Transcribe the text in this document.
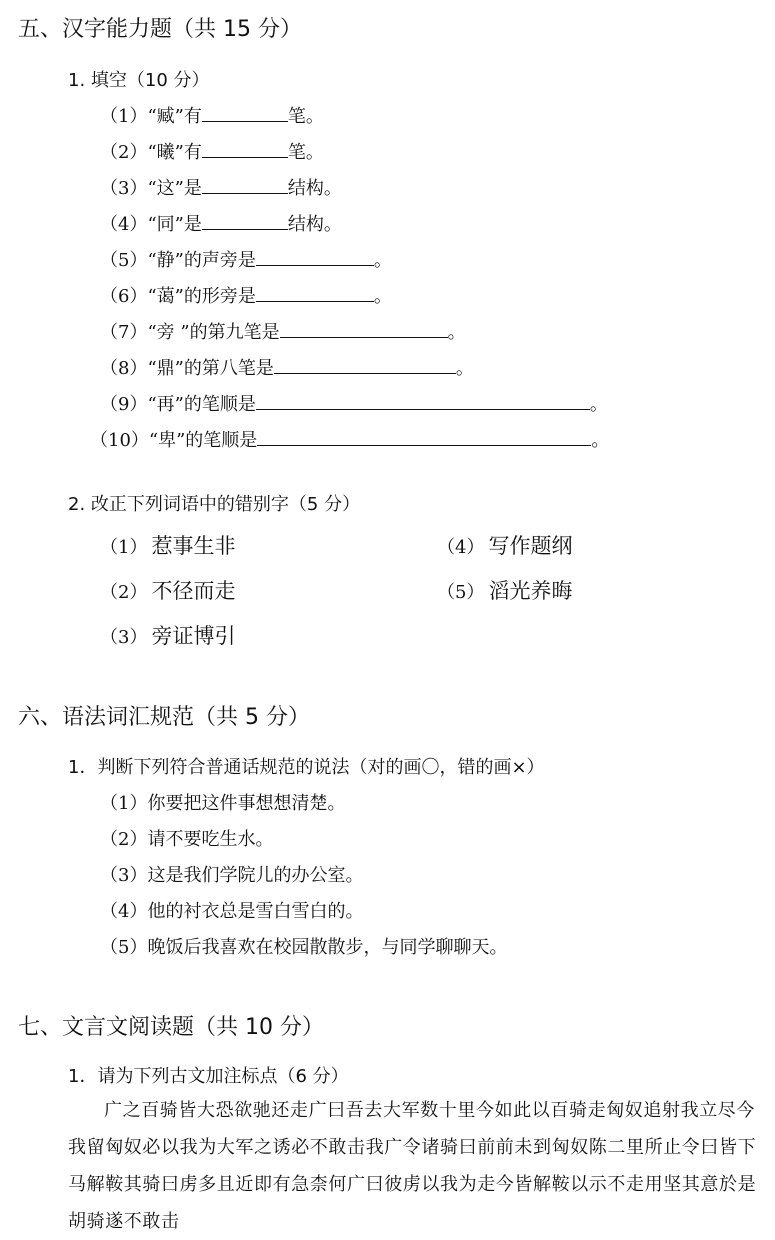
五、汉字能力题（共 15 分）
1. 填空（10 分）
（1）“臧”有	笔。
（2）“曦”有	笔。
（3）“这”是	结构。
（4）“同”是	结构。
（5）“静”的声旁是	。
（6）“蔼”的形旁是	。
（7）“旁 ”的第九笔是	。
（8）“鼎”的第八笔是	。
（9）“再”的笔顺是	。
（10）“卑”的笔顺是	。
2. 改正下列词语中的错别字（5 分）
（1） 惹事生非	（4） 写作题纲
（2） 不径而走	（5） 滔光养晦
（3） 旁证博引
六、语法词汇规范（共 5 分）
1．判断下列符合普通话规范的说法（对的画〇，错的画×）
（1）你要把这件事想想清楚。
（2）请不要吃生水。
（3）这是我们学院儿的办公室。
（4）他的衬衣总是雪白雪白的。
（5）晚饭后我喜欢在校园散散步，与同学聊聊天。
七、文言文阅读题（共 10 分）
1．请为下列古文加注标点（6 分）
广之百骑皆大恐欲驰还走广曰吾去大军数十里今如此以百骑走匈奴追射我立尽今我留匈奴必以我为大军之诱必不敢击我广令诸骑曰前前未到匈奴陈二里所止令曰皆下马解鞍其骑曰虏多且近即有急柰何广曰彼虏以我为走今皆解鞍以示不走用坚其意於是胡骑遂不敢击
